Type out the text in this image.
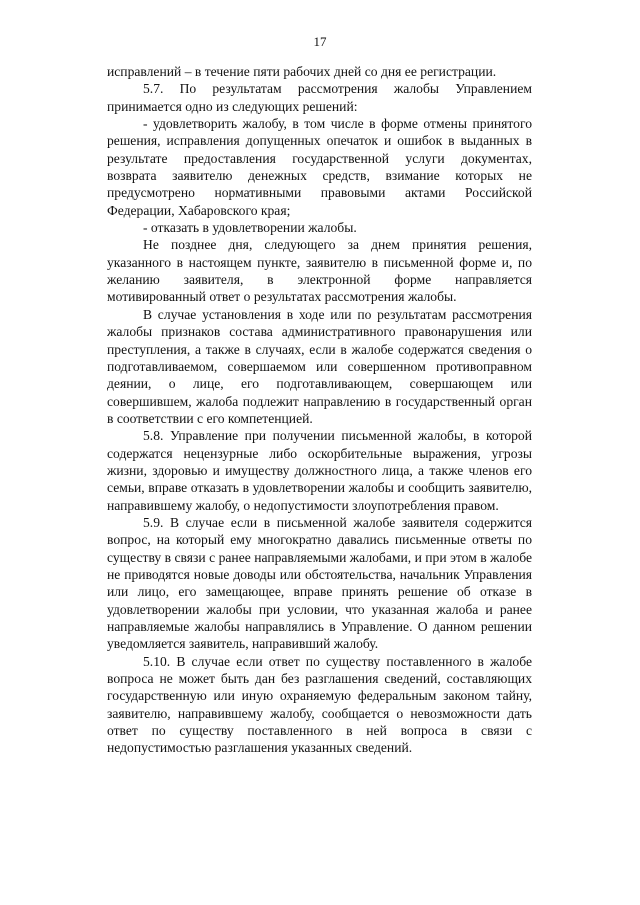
17

исправлений – в течение пяти рабочих дней со дня ее регистрации.

5.7. По результатам рассмотрения жалобы Управлением принимается одно из следующих решений:

- удовлетворить жалобу, в том числе в форме отмены принятого решения, исправления допущенных опечаток и ошибок в выданных в результате предоставления государственной услуги документах, возврата заявителю денежных средств, взимание которых не предусмотрено нормативными правовыми актами Российской Федерации, Хабаровского края;

- отказать в удовлетворении жалобы.

Не позднее дня, следующего за днем принятия решения, указанного в настоящем пункте, заявителю в письменной форме и, по желанию заявителя, в электронной форме направляется мотивированный ответ о результатах рассмотрения жалобы.

В случае установления в ходе или по результатам рассмотрения жалобы признаков состава административного правонарушения или преступления, а также в случаях, если в жалобе содержатся сведения о подготавливаемом, совершаемом или совершенном противоправном деянии, о лице, его подготавливающем, совершающем или совершившем, жалоба подлежит направлению в государственный орган в соответствии с его компетенцией.

5.8. Управление при получении письменной жалобы, в которой содержатся нецензурные либо оскорбительные выражения, угрозы жизни, здоровью и имуществу должностного лица, а также членов его семьи, вправе отказать в удовлетворении жалобы и сообщить заявителю, направившему жалобу, о недопустимости злоупотребления правом.

5.9. В случае если в письменной жалобе заявителя содержится вопрос, на который ему многократно давались письменные ответы по существу в связи с ранее направляемыми жалобами, и при этом в жалобе не приводятся новые доводы или обстоятельства, начальник Управления или лицо, его замещающее, вправе принять решение об отказе в удовлетворении жалобы при условии, что указанная жалоба и ранее направляемые жалобы направлялись в Управление. О данном решении уведомляется заявитель, направивший жалобу.

5.10. В случае если ответ по существу поставленного в жалобе вопроса не может быть дан без разглашения сведений, составляющих государственную или иную охраняемую федеральным законом тайну, заявителю, направившему жалобу, сообщается о невозможности дать ответ по существу поставленного в ней вопроса в связи с недопустимостью разглашения указанных сведений.
